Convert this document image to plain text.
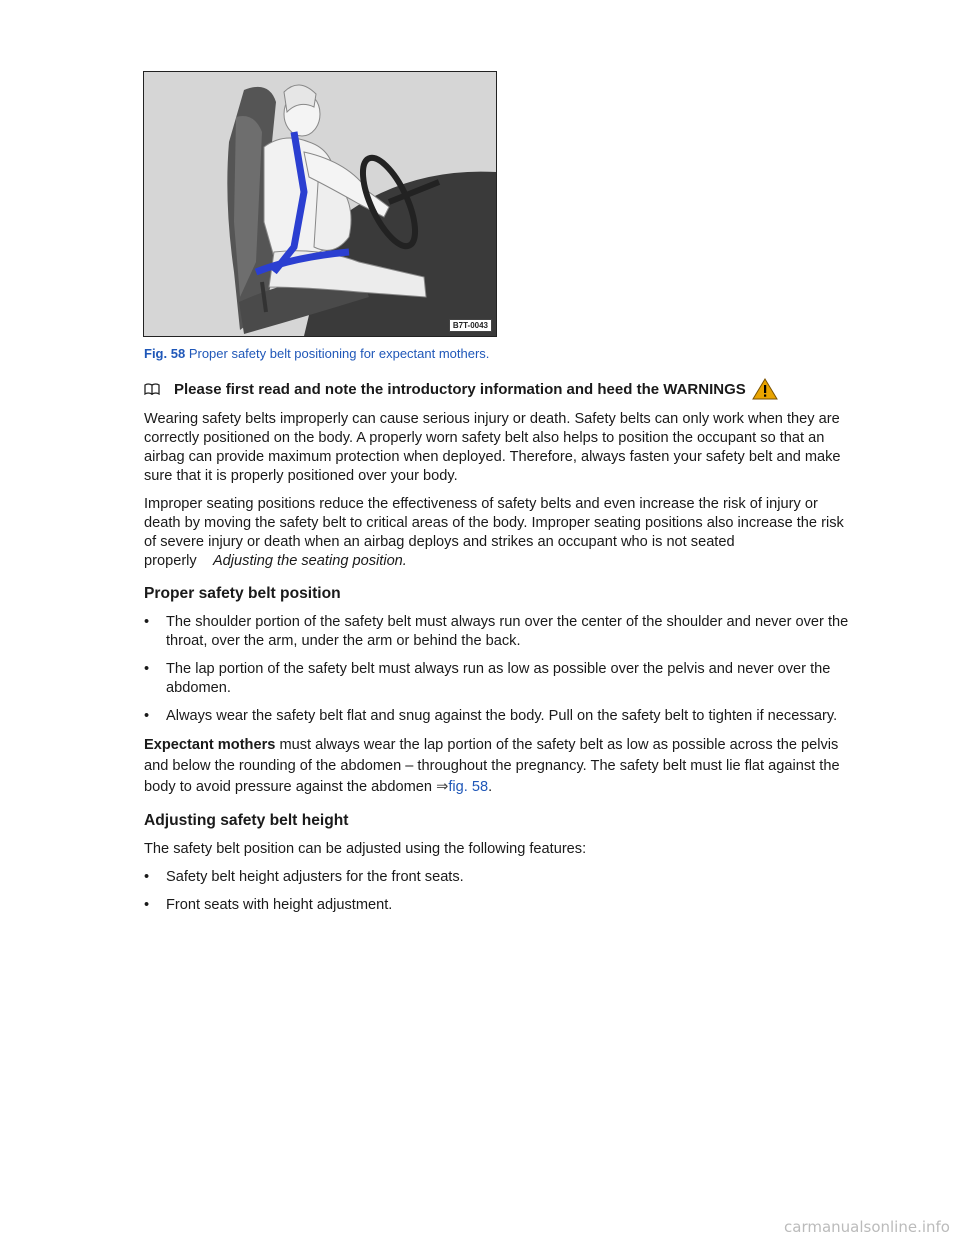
B7T-0043
Fig. 58 Proper safety belt positioning for expectant mothers.
Please first read and note the introductory information and heed the WARNINGS

Wearing safety belts improperly can cause serious injury or death. Safety belts can only work when they are correctly positioned on the body. A properly worn safety belt also helps to position the occupant so that an airbag can provide maximum protection when deployed. Therefore, always fasten your safety belt and make sure that it is properly positioned over your body.

Improper seating positions reduce the effectiveness of safety belts and even increase the risk of injury or death by moving the safety belt to critical areas of the body. Improper seating positions also increase the risk of severe injury or death when an airbag deploys and strikes an occupant who is not seated properly Adjusting the seating position.

Proper safety belt position
•	The shoulder portion of the safety belt must always run over the center of the shoulder and never over the throat, over the arm, under the arm or behind the back.
•	The lap portion of the safety belt must always run as low as possible over the pelvis and never over the abdomen.
•	Always wear the safety belt flat and snug against the body. Pull on the safety belt to tighten if necessary.

Expectant mothers must always wear the lap portion of the safety belt as low as possible across the pelvis and below the rounding of the abdomen – throughout the pregnancy. The safety belt must lie flat against the body to avoid pressure against the abdomen ⇒fig. 58.

Adjusting safety belt height

The safety belt position can be adjusted using the following features:

•	Safety belt height adjusters for the front seats.
•	Front seats with height adjustment.
carmanualsonline.info
